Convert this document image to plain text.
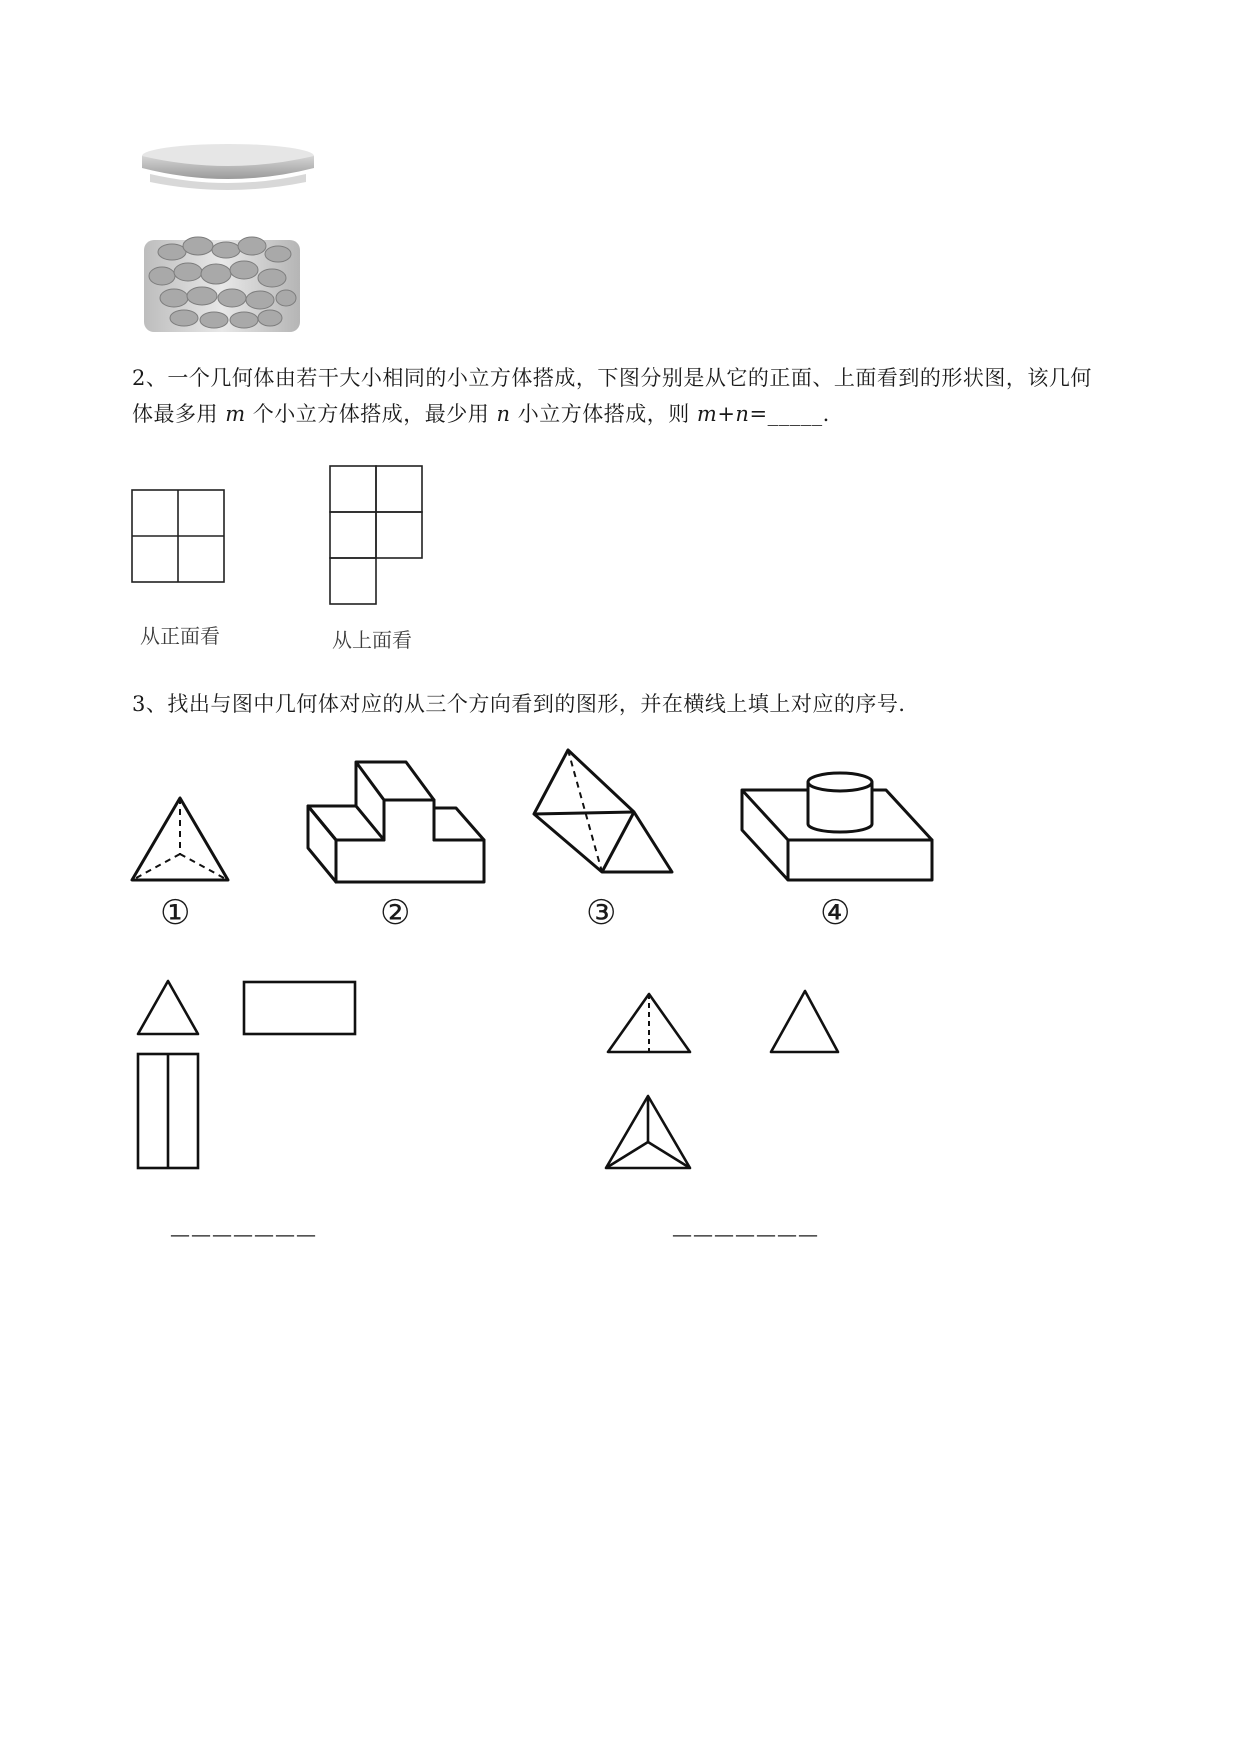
2、一个几何体由若干大小相同的小立方体搭成，下图分别是从它的正面、上面看到的形状图，该几何
体最多用 m 个小立方体搭成，最少用 n 小立方体搭成，则 m+n=_____.
从正面看	从上面看
3、找出与图中几何体对应的从三个方向看到的图形，并在横线上填上对应的序号．
①	②	③	④
———————	———————
